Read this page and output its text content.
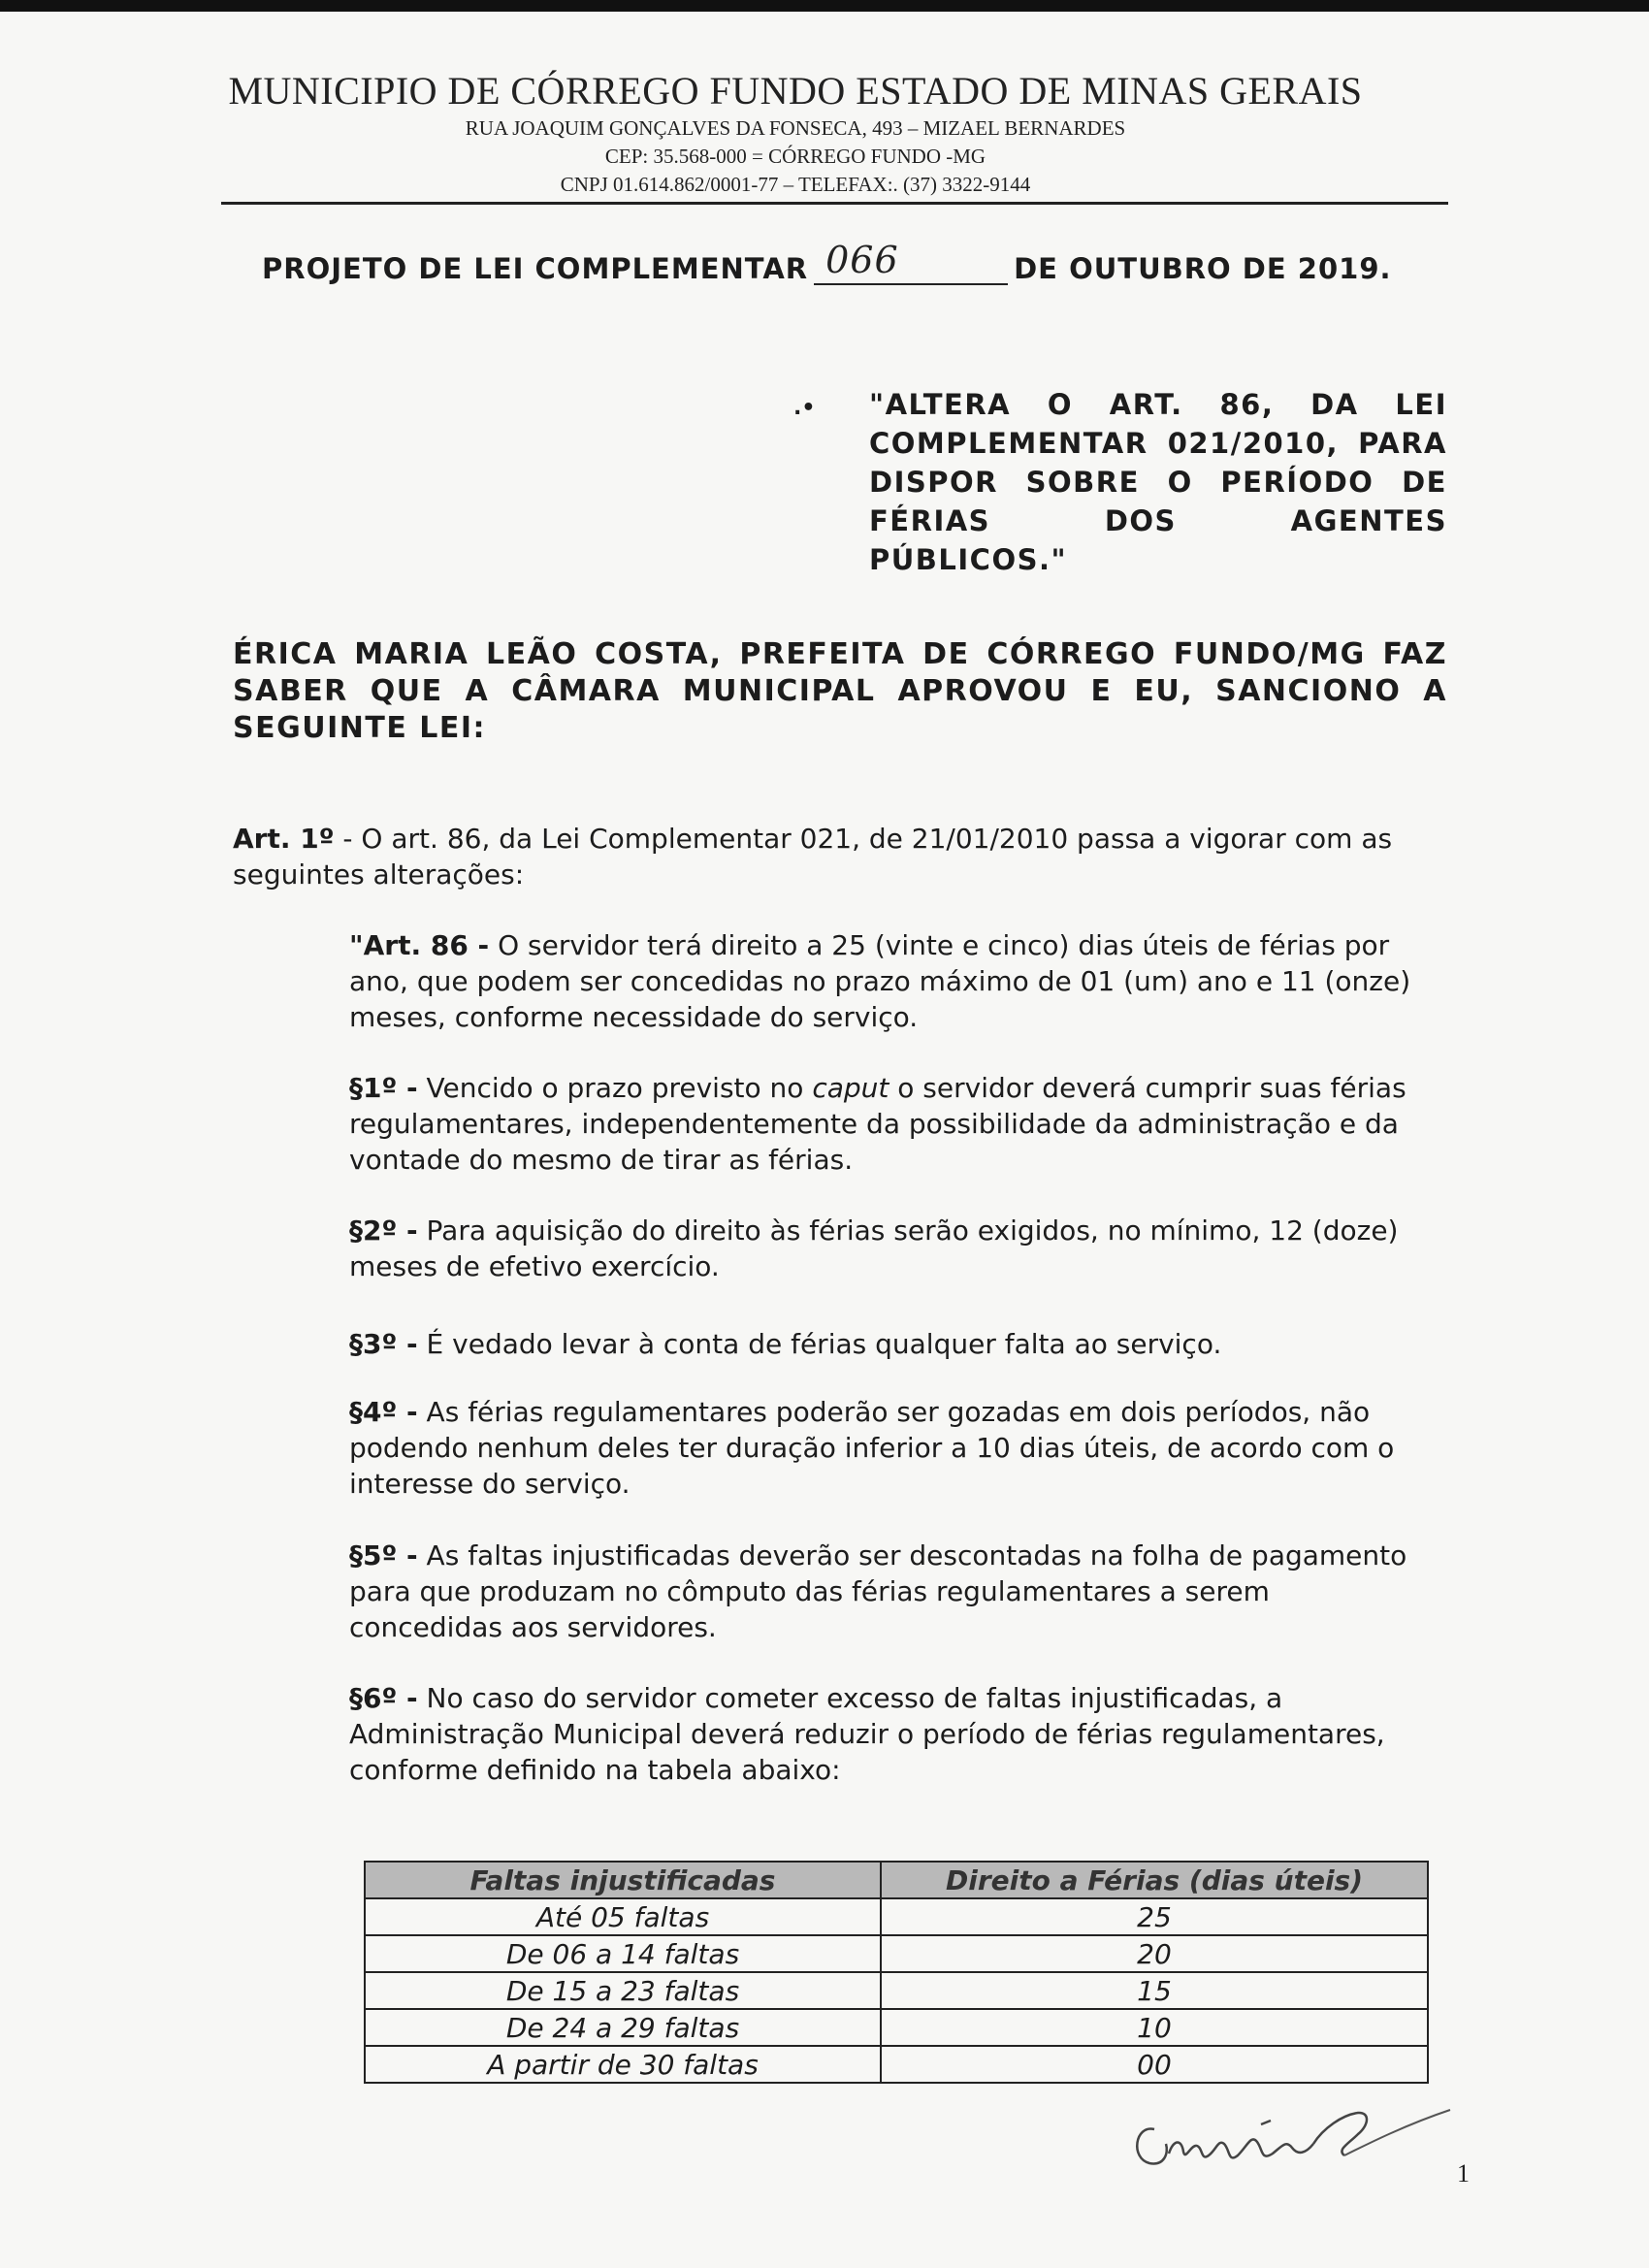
MUNICIPIO DE CÓRREGO FUNDO ESTADO DE MINAS GERAIS
RUA JOAQUIM GONÇALVES DA FONSECA, 493 – MIZAEL BERNARDES
CEP: 35.568-000 = CÓRREGO FUNDO -MG
CNPJ 01.614.862/0001-77 – TELEFAX:. (37) 3322-9144
PROJETO DE LEI COMPLEMENTAR 066	DE OUTUBRO DE 2019.
.• "ALTERA O ART. 86, DA LEI
COMPLEMENTAR 021/2010, PARA
DISPOR SOBRE O PERÍODO DE
FÉRIAS DOS AGENTES PÚBLICOS."
ÉRICA MARIA LEÃO COSTA, PREFEITA DE CÓRREGO FUNDO/MG FAZ
SABER QUE A CÂMARA MUNICIPAL APROVOU E EU, SANCIONO A
SEGUINTE LEI:
Art. 1º - O art. 86, da Lei Complementar 021, de 21/01/2010 passa a vigorar com as seguintes alterações:
"Art. 86 - O servidor terá direito a 25 (vinte e cinco) dias úteis de férias por ano, que podem ser concedidas no prazo máximo de 01 (um) ano e 11 (onze) meses, conforme necessidade do serviço.
§1º - Vencido o prazo previsto no caput o servidor deverá cumprir suas férias regulamentares, independentemente da possibilidade da administração e da vontade do mesmo de tirar as férias.
§2º - Para aquisição do direito às férias serão exigidos, no mínimo, 12 (doze) meses de efetivo exercício.
§3º - É vedado levar à conta de férias qualquer falta ao serviço.
§4º - As férias regulamentares poderão ser gozadas em dois períodos, não podendo nenhum deles ter duração inferior a 10 dias úteis, de acordo com o interesse do serviço.
§5º - As faltas injustificadas deverão ser descontadas na folha de pagamento para que produzam no cômputo das férias regulamentares a serem concedidas aos servidores.
§6º - No caso do servidor cometer excesso de faltas injustificadas, a Administração Municipal deverá reduzir o período de férias regulamentares, conforme definido na tabela abaixo:
Faltas injustificadas	Direito a Férias (dias úteis)
Até 05 faltas	25
De 06 a 14 faltas	20
De 15 a 23 faltas	15
De 24 a 29 faltas	10
A partir de 30 faltas	00
1
